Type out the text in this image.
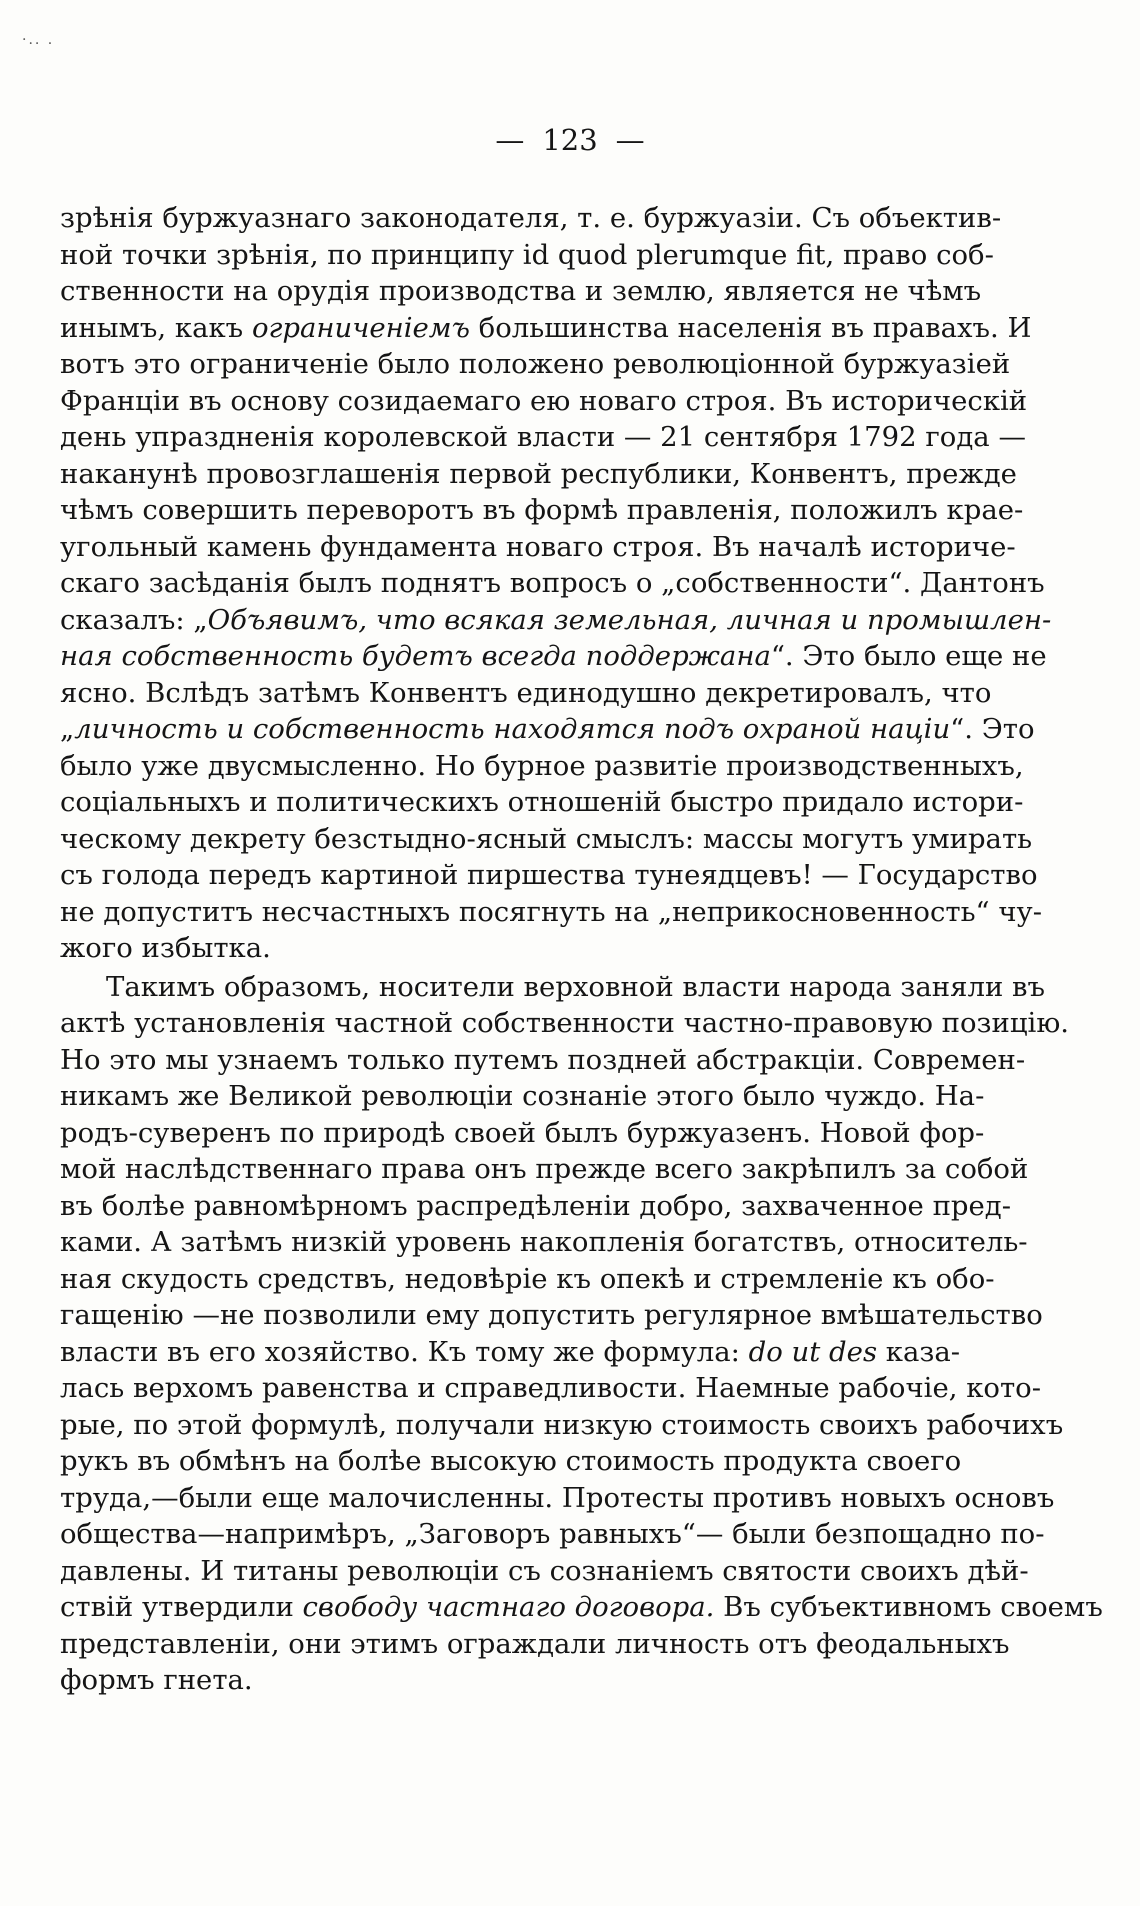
·.. .
— 123 —
зрѣнія буржуазнаго законодателя, т. е. буржуазіи. Съ объектив-
ной точки зрѣнія, по принципу id quod plerumque fit, право соб-
ственности на орудія производства и землю, является не чѣмъ
инымъ, какъ ограниченіемъ большинства населенія въ правахъ. И
вотъ это ограниченіе было положено революціонной буржуазіей
Франціи въ основу созидаемаго ею новаго строя. Въ историческій
день упраздненія королевской власти — 21 сентября 1792 года —
наканунѣ провозглашенія первой республики, Конвентъ, прежде
чѣмъ совершить переворотъ въ формѣ правленія, положилъ крае-
угольный камень фундамента новаго строя. Въ началѣ историче-
скаго засѣданія былъ поднятъ вопросъ о „собственности“. Дантонъ
сказалъ: „Объявимъ, что всякая земельная, личная и промышлен-
ная собственность будетъ всегда поддержана“. Это было еще не
ясно. Вслѣдъ затѣмъ Конвентъ единодушно декретировалъ, что
„личность и собственность находятся подъ охраной націи“. Это
было уже двусмысленно. Но бурное развитіе производственныхъ,
соціальныхъ и политическихъ отношеній быстро придало истори-
ческому декрету безстыдно-ясный смыслъ: массы могутъ умирать
съ голода передъ картиной пиршества тунеядцевъ! — Государство
не допуститъ несчастныхъ посягнуть на „неприкосновенность“ чу-
жого избытка.
Такимъ образомъ, носители верховной власти народа заняли въ
актѣ установленія частной собственности частно-правовую позицію.
Но это мы узнаемъ только путемъ поздней абстракціи. Современ-
никамъ же Великой революціи сознаніе этого было чуждо. На-
родъ-суверенъ по природѣ своей былъ буржуазенъ. Новой фор-
мой наслѣдственнаго права онъ прежде всего закрѣпилъ за собой
въ болѣе равномѣрномъ распредѣленіи добро, захваченное пред-
ками. А затѣмъ низкій уровень накопленія богатствъ, относитель-
ная скудость средствъ, недовѣріе къ опекѣ и стремленіе къ обо-
гащенію —не позволили ему допустить регулярное вмѣшательство
власти въ его хозяйство. Къ тому же формула: do ut des каза-
лась верхомъ равенства и справедливости. Наемные рабочіе, кото-
рые, по этой формулѣ, получали низкую стоимость своихъ рабочихъ
рукъ въ обмѣнъ на болѣе высокую стоимость продукта своего
труда,—были еще малочисленны. Протесты противъ новыхъ основъ
общества—напримѣръ, „Заговоръ равныхъ“— были безпощадно по-
давлены. И титаны революціи съ сознаніемъ святости своихъ дѣй-
ствій утвердили свободу частнаго договора. Въ субъективномъ своемъ
представленіи, они этимъ ограждали личность отъ феодальныхъ
формъ гнета.
